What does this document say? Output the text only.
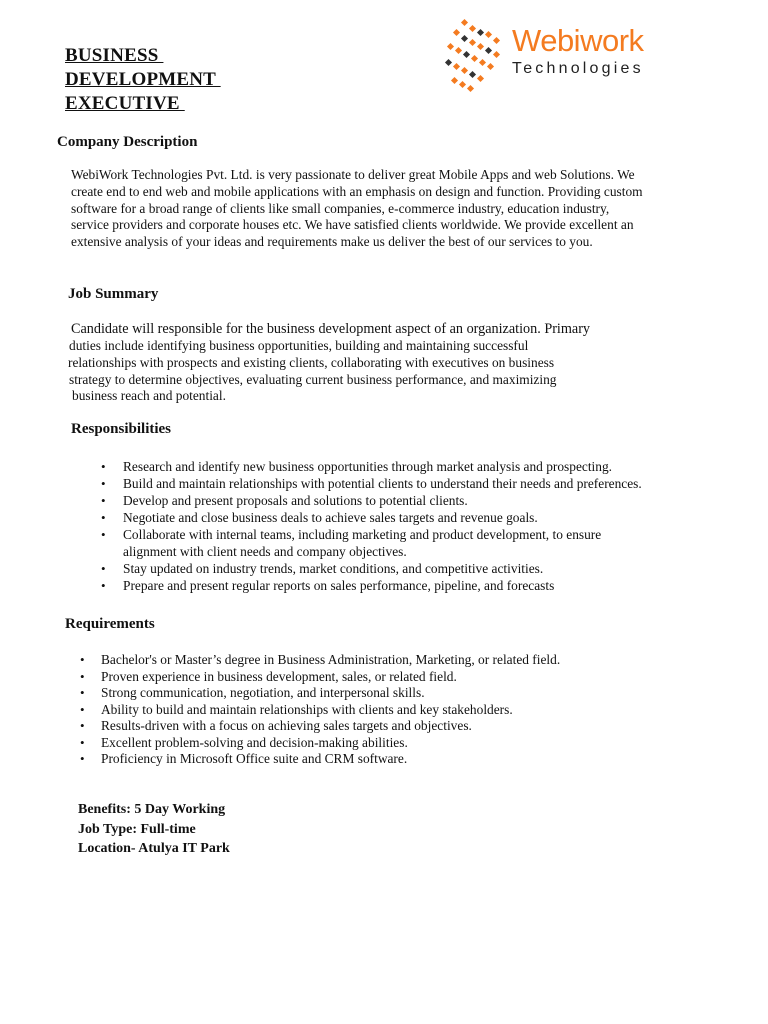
BUSINESS
DEVELOPMENT
EXECUTIVE
Webiwork
Technologies
Company Description
WebiWork Technologies Pvt. Ltd. is very passionate to deliver great Mobile Apps and web Solutions. We
create end to end web and mobile applications with an emphasis on design and function. Providing custom
software for a broad range of clients like small companies, e-commerce industry, education industry,
service providers and corporate houses etc. We have satisfied clients worldwide. We provide excellent an
extensive analysis of your ideas and requirements make us deliver the best of our services to you.
Job Summary
Candidate will responsible for the business development aspect of an organization. Primary
duties include identifying business opportunities, building and maintaining successful
relationships with prospects and existing clients, collaborating with executives on business
strategy to determine objectives, evaluating current business performance, and maximizing
business reach and potential.
Responsibilities
• Research and identify new business opportunities through market analysis and prospecting.
• Build and maintain relationships with potential clients to understand their needs and preferences.
• Develop and present proposals and solutions to potential clients.
• Negotiate and close business deals to achieve sales targets and revenue goals.
• Collaborate with internal teams, including marketing and product development, to ensure
alignment with client needs and company objectives.
• Stay updated on industry trends, market conditions, and competitive activities.
• Prepare and present regular reports on sales performance, pipeline, and forecasts
Requirements
• Bachelor's or Master’s degree in Business Administration, Marketing, or related field.
• Proven experience in business development, sales, or related field.
• Strong communication, negotiation, and interpersonal skills.
• Ability to build and maintain relationships with clients and key stakeholders.
• Results-driven with a focus on achieving sales targets and objectives.
• Excellent problem-solving and decision-making abilities.
• Proficiency in Microsoft Office suite and CRM software.
Benefits: 5 Day Working
Job Type: Full-time
Location- Atulya IT Park
